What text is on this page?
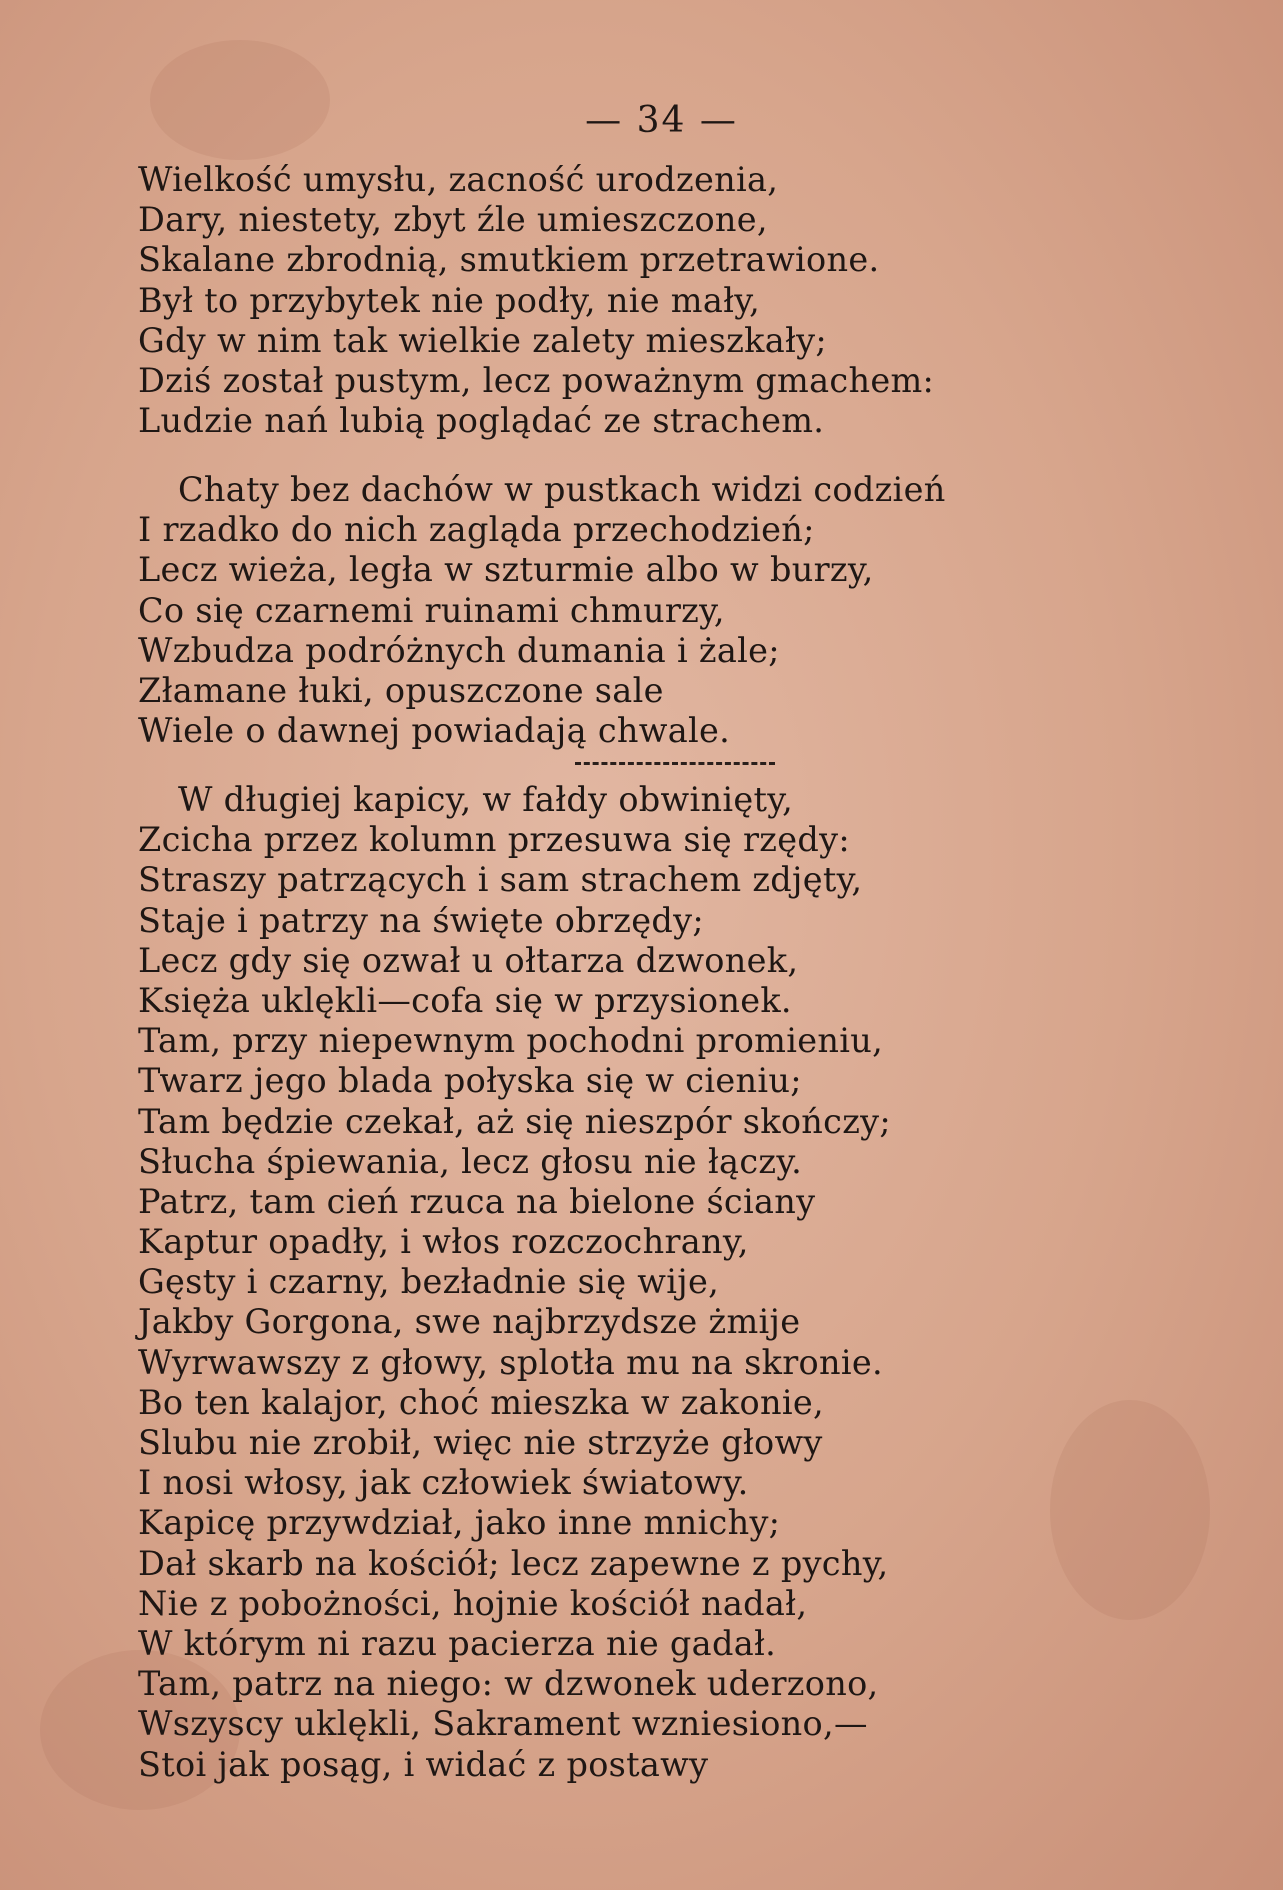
— 34 —
Wielkość umysłu, zacność urodzenia,
Dary, niestety, zbyt źle umieszczone,
Skalane zbrodnią, smutkiem przetrawione.
Był to przybytek nie podły, nie mały,
Gdy w nim tak wielkie zalety mieszkały;
Dziś został pustym, lecz poważnym gmachem:
Ludzie nań lubią poglądać ze strachem.
Chaty bez dachów w pustkach widzi codzień
I rzadko do nich zagląda przechodzień;
Lecz wieża, legła w szturmie albo w burzy,
Co się czarnemi ruinami chmurzy,
Wzbudza podróżnych dumania i żale;
Złamane łuki, opuszczone sale
Wiele o dawnej powiadają chwale.
W długiej kapicy, w fałdy obwinięty,
Zcicha przez kolumn przesuwa się rzędy:
Straszy patrzących i sam strachem zdjęty,
Staje i patrzy na święte obrzędy;
Lecz gdy się ozwał u ołtarza dzwonek,
Księża uklękli—cofa się w przysionek.
Tam, przy niepewnym pochodni promieniu,
Twarz jego blada połyska się w cieniu;
Tam będzie czekał, aż się nieszpór skończy;
Słucha śpiewania, lecz głosu nie łączy.
Patrz, tam cień rzuca na bielone ściany
Kaptur opadły, i włos rozczochrany,
Gęsty i czarny, bezładnie się wije,
Jakby Gorgona, swe najbrzydsze żmije
Wyrwawszy z głowy, splotła mu na skronie.
Bo ten kalajor, choć mieszka w zakonie,
Slubu nie zrobił, więc nie strzyże głowy
I nosi włosy, jak człowiek światowy.
Kapicę przywdział, jako inne mnichy;
Dał skarb na kościół; lecz zapewne z pychy,
Nie z pobożności, hojnie kościół nadał,
W którym ni razu pacierza nie gadał.
Tam, patrz na niego: w dzwonek uderzono,
Wszyscy uklękli, Sakrament wzniesiono,—
Stoi jak posąg, i widać z postawy
